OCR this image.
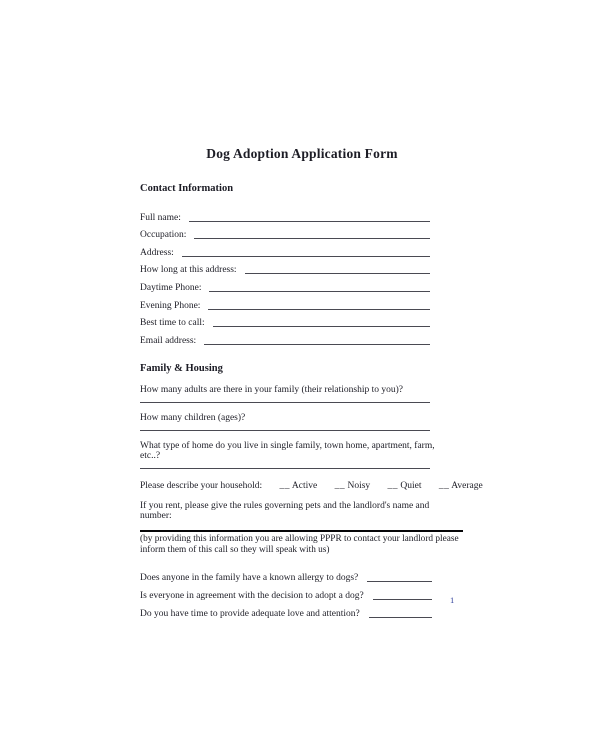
Dog Adoption Application Form
Contact Information
Full name:
Occupation:
Address:
How long at this address:
Daytime Phone:
Evening Phone:
Best time to call:
Email address:
Family & Housing

How many adults are there in your family (their relationship to you)?

How many children (ages)?

What type of home do you live in single family, town home, apartment, farm, etc..?

Please describe your household: __ Active __ Noisy __ Quiet __ Average

If you rent, please give the rules governing pets and the landlord's name and number:

(by providing this information you are allowing PPPR to contact your landlord please inform them of this call so they will speak with us)

Does anyone in the family have a known allergy to dogs?
Is everyone in agreement with the decision to adopt a dog?
Do you have time to provide adequate love and attention?
1
